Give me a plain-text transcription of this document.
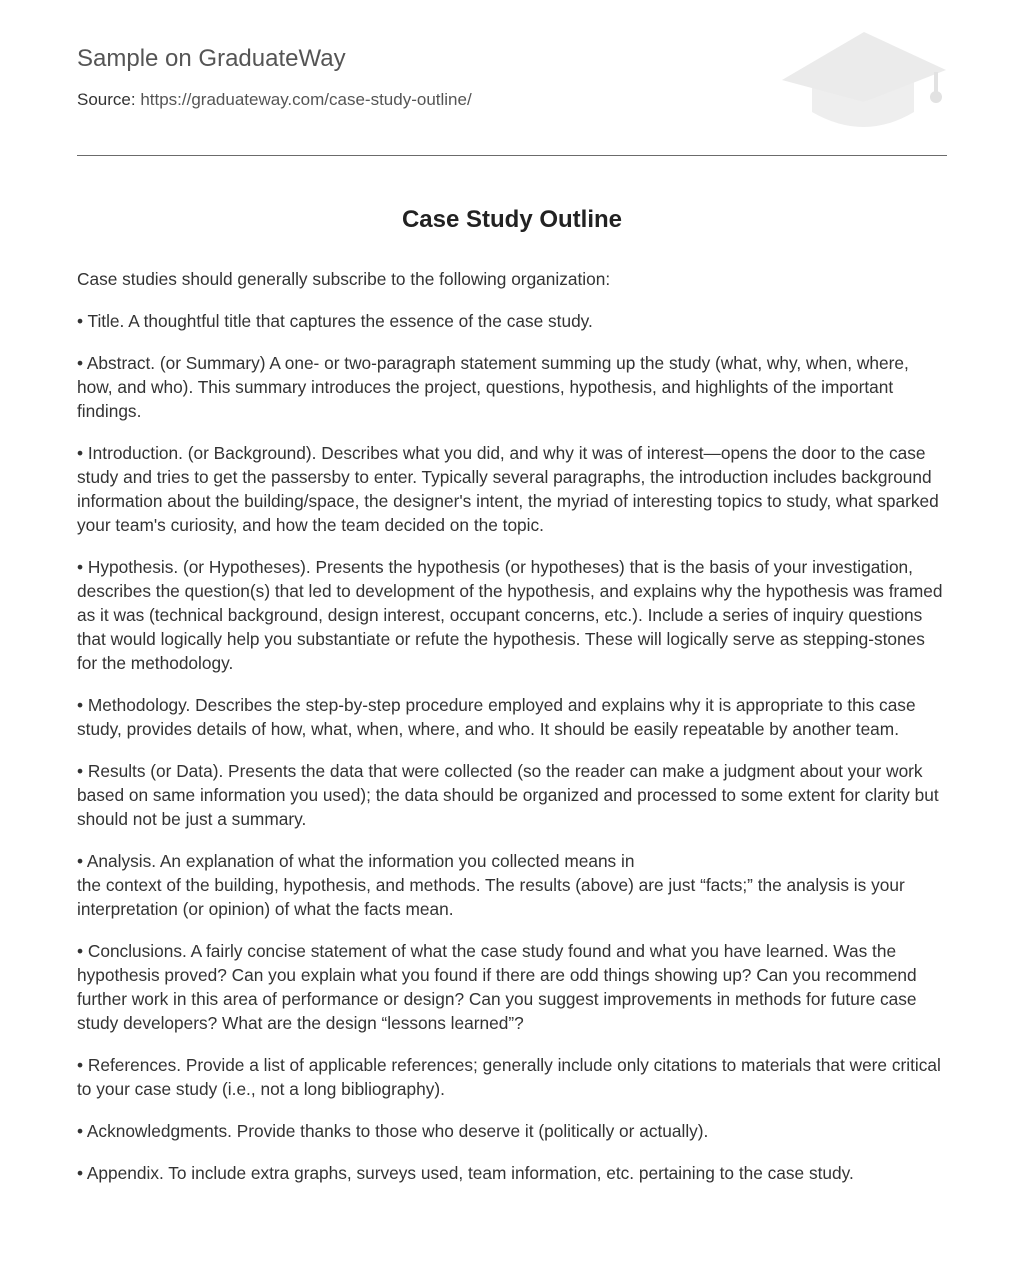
Sample on GraduateWay
Source: https://graduateway.com/case-study-outline/
Case Study Outline

Case studies should generally subscribe to the following organization:

• Title. A thoughtful title that captures the essence of the case study.

• Abstract. (or Summary) A one- or two-paragraph statement summing up the study (what, why, when, where, how, and who). This summary introduces the project, questions, hypothesis, and highlights of the important findings.

• Introduction. (or Background). Describes what you did, and why it was of interest—opens the door to the case study and tries to get the passersby to enter. Typically several paragraphs, the introduction includes background information about the building/space, the designer's intent, the myriad of interesting topics to study, what sparked your team's curiosity, and how the team decided on the topic.

• Hypothesis. (or Hypotheses). Presents the hypothesis (or hypotheses) that is the basis of your investigation, describes the question(s) that led to development of the hypothesis, and explains why the hypothesis was framed as it was (technical background, design interest, occupant concerns, etc.). Include a series of inquiry questions that would logically help you substantiate or refute the hypothesis. These will logically serve as stepping-stones for the methodology.

• Methodology. Describes the step-by-step procedure employed and explains why it is appropriate to this case study, provides details of how, what, when, where, and who. It should be easily repeatable by another team.

• Results (or Data). Presents the data that were collected (so the reader can make a judgment about your work based on same information you used); the data should be organized and processed to some extent for clarity but should not be just a summary.

• Analysis. An explanation of what the information you collected means in
the context of the building, hypothesis, and methods. The results (above) are just “facts;” the analysis is your interpretation (or opinion) of what the facts mean.

• Conclusions. A fairly concise statement of what the case study found and what you have learned. Was the hypothesis proved? Can you explain what you found if there are odd things showing up? Can you recommend further work in this area of performance or design? Can you suggest improvements in methods for future case study developers? What are the design “lessons learned”?

• References. Provide a list of applicable references; generally include only citations to materials that were critical to your case study (i.e., not a long bibliography).

• Acknowledgments. Provide thanks to those who deserve it (politically or actually).

• Appendix. To include extra graphs, surveys used, team information, etc. pertaining to the case study.
